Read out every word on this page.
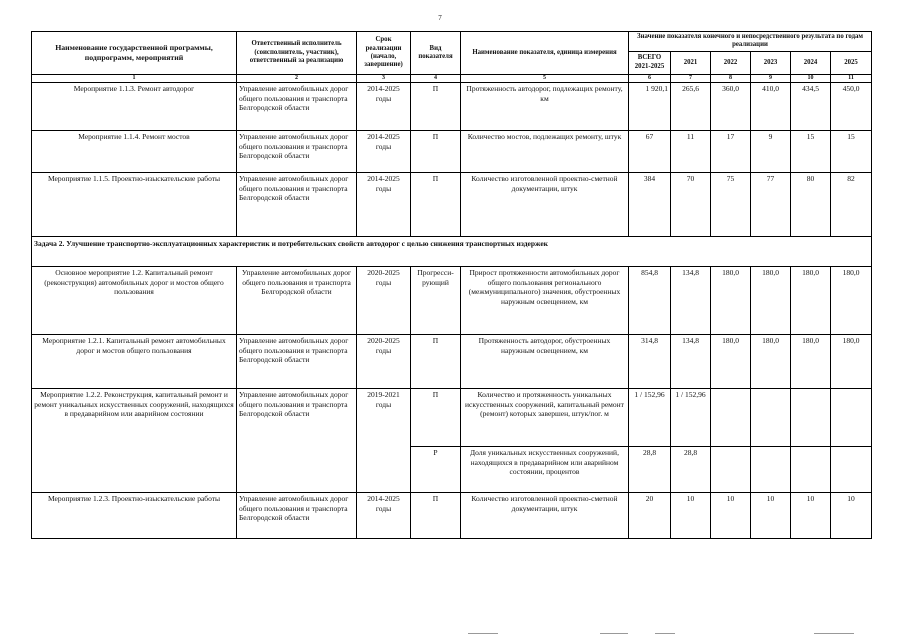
7
Наименование государственной программы, подпрограмм, мероприятий	Ответственный исполнитель (соисполнитель, участник), ответственный за реализацию	Срок реализации (начало, завершение)	Вид показателя	Наименование показателя, единица измерения	Значение показателя конечного и непосредственного результата по годам реализации					
					ВСЕГО 2021-2025	2021	2022	2023	2024	2025
1	2	3	4	5	6	7	8	9	10	11
Мероприятие 1.1.3. Ремонт автодорог	Управление автомобильных дорог общего пользования и транспорта Белгородской области	2014-2025 годы	П	Протяженность автодорог, подлежащих ремонту, км	1 920,1	265,6	360,0	410,0	434,5	450,0
Мероприятие 1.1.4. Ремонт мостов	Управление автомобильных дорог общего пользования и транспорта Белгородской области	2014-2025 годы	П	Количество мостов, подлежащих ремонту, штук	67	11	17	9	15	15
Мероприятие 1.1.5. Проектно-изыскательские работы	Управление автомобильных дорог общего пользования и транспорта Белгородской области	2014-2025 годы	П	Количество изготовленной проектно-сметной документации, штук	384	70	75	77	80	82
Задача 2. Улучшение транспортно-эксплуатационных характеристик и потребительских свойств автодорог с целью снижения транспортных издержек										
Основное мероприятие 1.2. Капитальный ремонт (реконструкция) автомобильных дорог и мостов общего пользования	Управление автомобильных дорог общего пользования и транспорта Белгородской области	2020-2025 годы	Прогресси-рующий	Прирост протяженности автомобильных дорог общего пользования регионального (межмуниципального) значения, обустроенных наружным освещением, км	854,8	134,8	180,0	180,0	180,0	180,0
Мероприятие 1.2.1. Капитальный ремонт автомобильных дорог и мостов общего пользования	Управление автомобильных дорог общего пользования и транспорта Белгородской области	2020-2025 годы	П	Протяженность автодорог, обустроенных наружным освещением, км	314,8	134,8	180,0	180,0	180,0	180,0
Мероприятие 1.2.2. Реконструкция, капитальный ремонт и ремонт уникальных искусственных сооружений, находящихся в предаварийном или аварийном состоянии	Управление автомобильных дорог общего пользования и транспорта Белгородской области	2019-2021 годы	П	Количество и протяженность уникальных искусственных сооружений, капитальный ремонт (ремонт) которых завершен, штук/пог. м	1 / 152,96	1 / 152,96				
			Р	Доля уникальных искусственных сооружений, находящихся в предаварийном или аварийном состоянии, процентов	28,8	28,8				
Мероприятие 1.2.3. Проектно-изыскательские работы	Управление автомобильных дорог общего пользования и транспорта Белгородской области	2014-2025 годы	П	Количество изготовленной проектно-сметной документации, штук	20	10	10	10	10	10
